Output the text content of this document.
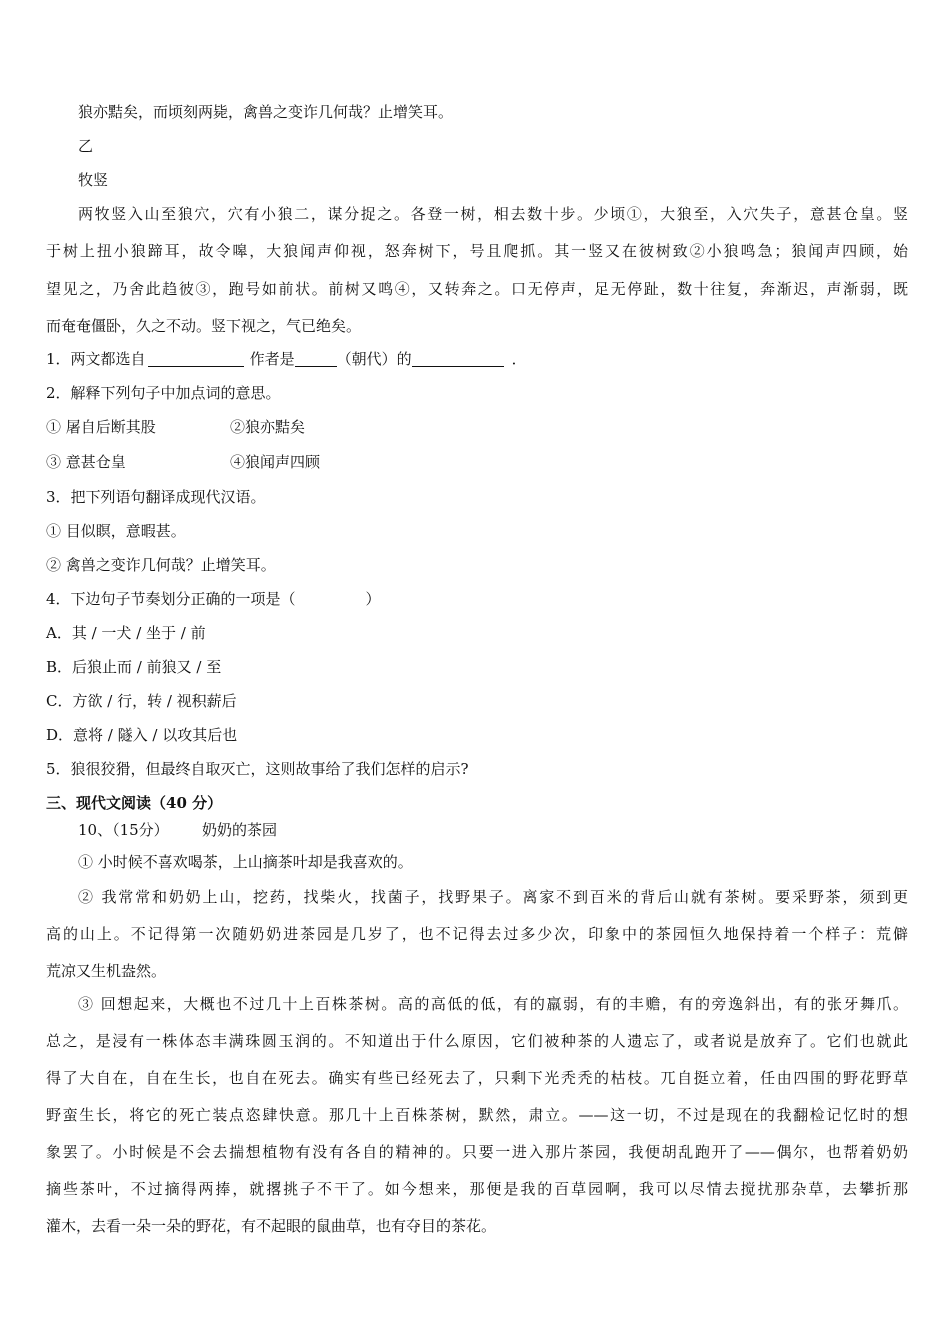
狼亦黠矣，而顷刻两毙，禽兽之变诈几何哉？止增笑耳。
乙
牧竖
两牧竖入山至狼穴，穴有小狼二，谋分捉之。各登一树，相去数十步。少顷①，大狼至，入穴失子，意甚仓皇。竖
于树上扭小狼蹄耳，故令嗥，大狼闻声仰视，怒奔树下，号且爬抓。其一竖又在彼树致②小狼鸣急；狼闻声四顾，始
望见之，乃舍此趋彼③，跑号如前状。前树又鸣④，又转奔之。口无停声，足无停趾，数十往复，奔渐迟，声渐弱，既
而奄奄僵卧，久之不动。竖下视之，气已绝矣。
1．两文都选自	作者是	（朝代）的	．
2．解释下列句子中加点词的意思。
① 屠自后断其股	②狼亦黠矣
③ 意甚仓皇	④狼闻声四顾
3．把下列语句翻译成现代汉语。
① 目似瞑，意暇甚。
② 禽兽之变诈几何哉？止增笑耳。
4．下边句子节奏划分正确的一项是（	）
A．其 / 一犬 / 坐于 / 前
B．后狼止而 / 前狼又 / 至
C．方欲 / 行，转 / 视积薪后
D．意将 / 隧入 / 以攻其后也
5．狼很狡猾，但最终自取灭亡，这则故事给了我们怎样的启示?
三、现代文阅读（40 分）
10、（15分） 奶奶的茶园
① 小时候不喜欢喝茶，上山摘茶叶却是我喜欢的。
② 我常常和奶奶上山，挖药，找柴火，找菌子，找野果子。离家不到百米的背后山就有茶树。要采野茶，须到更
高的山上。不记得第一次随奶奶进茶园是几岁了，也不记得去过多少次，印象中的茶园恒久地保持着一个样子：荒僻
荒凉又生机盎然。
③ 回想起来，大概也不过几十上百株茶树。高的高低的低，有的羸弱，有的丰赡，有的旁逸斜出，有的张牙舞爪。
总之，是浸有一株体态丰满珠圆玉润的。不知道出于什么原因，它们被种茶的人遗忘了，或者说是放弃了。它们也就此
得了大自在，自在生长，也自在死去。确实有些已经死去了，只剩下光秃秃的枯枝。兀自挺立着，任由四围的野花野草
野蛮生长，将它的死亡装点恣肆快意。那几十上百株茶树，默然，肃立。——这一切，不过是现在的我翻检记忆时的想
象罢了。小时候是不会去揣想植物有没有各自的精神的。只要一进入那片茶园，我便胡乱跑开了——偶尔，也帮着奶奶
摘些茶叶，不过摘得两捧，就撂挑子不干了。如今想来，那便是我的百草园啊，我可以尽情去搅扰那杂草，去攀折那
灌木，去看一朵一朵的野花，有不起眼的鼠曲草，也有夺目的茶花。
